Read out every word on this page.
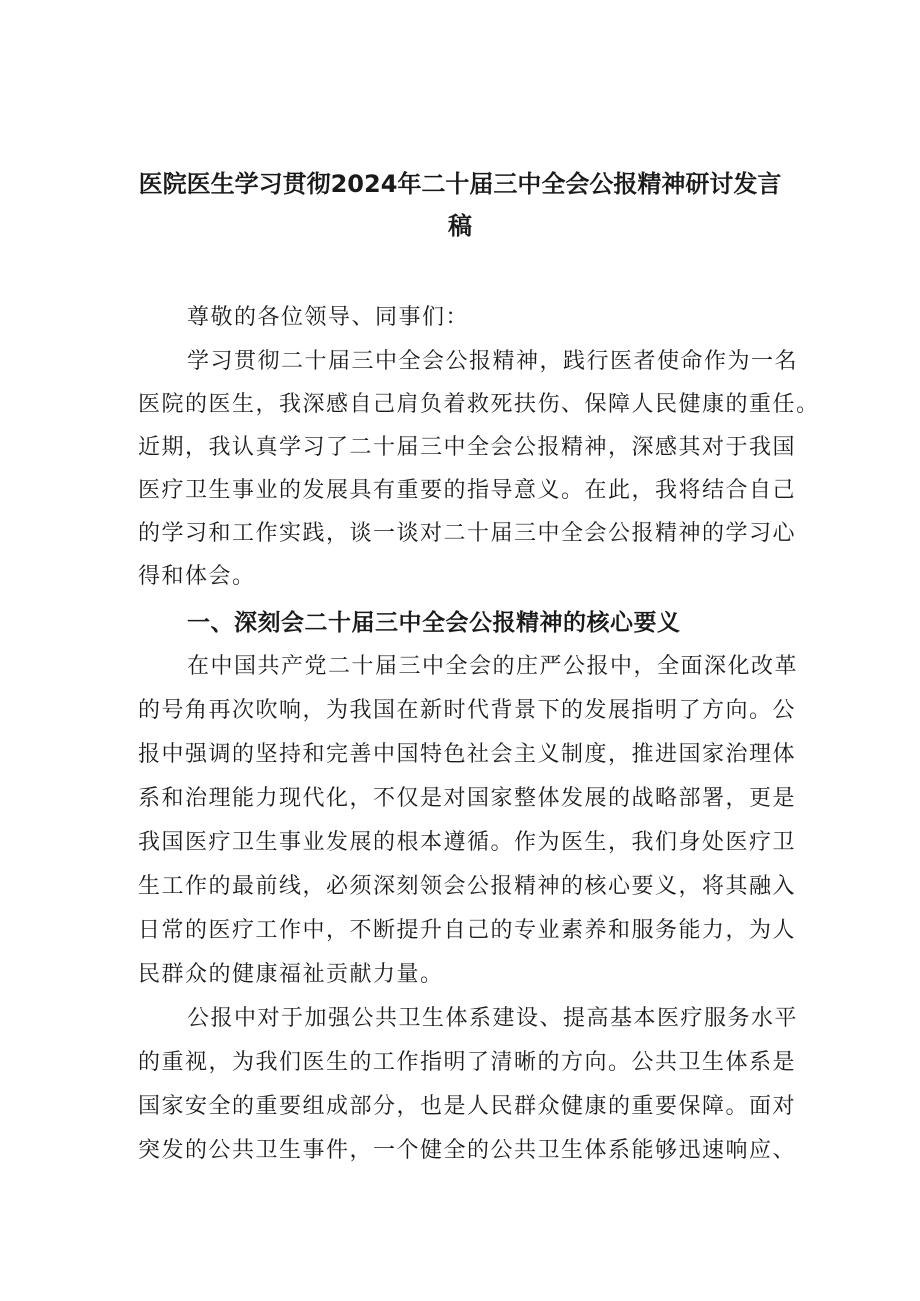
医院医生学习贯彻2024年二十届三中全会公报精神研讨发言
稿

尊敬的各位领导、同事们：

学习贯彻二十届三中全会公报精神，践行医者使命作为一名

医院的医生，我深感自己肩负着救死扶伤、保障人民健康的重任。

近期，我认真学习了二十届三中全会公报精神，深感其对于我国

医疗卫生事业的发展具有重要的指导意义。在此，我将结合自己

的学习和工作实践，谈一谈对二十届三中全会公报精神的学习心

得和体会。

一、深刻会二十届三中全会公报精神的核心要义

在中国共产党二十届三中全会的庄严公报中，全面深化改革

的号角再次吹响，为我国在新时代背景下的发展指明了方向。公

报中强调的坚持和完善中国特色社会主义制度，推进国家治理体

系和治理能力现代化，不仅是对国家整体发展的战略部署，更是

我国医疗卫生事业发展的根本遵循。作为医生，我们身处医疗卫

生工作的最前线，必须深刻领会公报精神的核心要义，将其融入

日常的医疗工作中，不断提升自己的专业素养和服务能力，为人

民群众的健康福祉贡献力量。

公报中对于加强公共卫生体系建设、提高基本医疗服务水平

的重视，为我们医生的工作指明了清晰的方向。公共卫生体系是

国家安全的重要组成部分，也是人民群众健康的重要保障。面对

突发的公共卫生事件，一个健全的公共卫生体系能够迅速响应、
